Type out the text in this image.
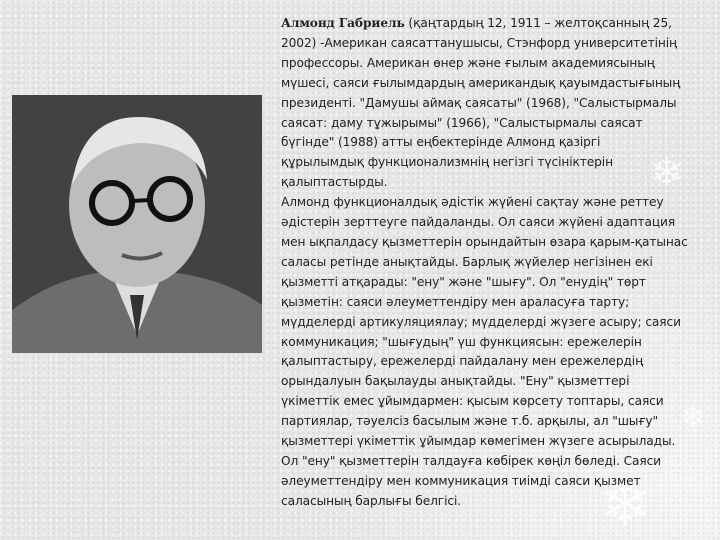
❄
❄
❄
Алмонд Габриель (қаңтардың 12, 1911 – желтоқсанның 25,
2002) -Американ саясаттанушысы, Стэнфорд университетінің
профессоры. Американ өнер және ғылым академиясының
мүшесі, саяси ғылымдардың американдық қауымдастығының
президенті. "Дамушы аймақ саясаты" (1968), "Салыстырмалы
саясат: даму тұжырымы" (1966), "Салыстырмалы саясат
бүгінде" (1988) атты еңбектерінде Алмонд қазіргі
құрылымдық функционализмнің негізгі түсініктерін
қалыптастырды.
Алмонд функционалдық әдістік жүйені сақтау және реттеу
әдістерін зерттеуге пайдаланды. Ол саяси жүйені адаптация
мен ықпалдасу қызметтерін орындайтын өзара қарым-қатынас
саласы ретінде анықтайды. Барлық жүйелер негізінен екі
қызметті атқарады: "ену" және "шығу". Ол "енудің" төрт
қызметін: саяси әлеуметтендіру мен араласуға тарту;
мүдделерді артикуляциялау; мүдделерді жүзеге асыру; саяси
коммуникация; "шығудың" үш функциясын: ережелерін
қалыптастыру, ережелерді пайдалану мен ережелердің
орындалуын бақылауды анықтайды. "Ену" қызметтері
үкіметтік емес ұйымдармен: қысым көрсету топтары, саяси
партиялар, тәуелсіз басылым және т.б. арқылы, ал "шығу"
қызметтері үкіметтік ұйымдар көмегімен жүзеге асырылады.
Ол "ену" қызметтерін талдауға көбірек көңіл бөледі. Саяси
әлеуметтендіру мен коммуникация тиімді саяси қызмет
саласының барлығы белгісі.
